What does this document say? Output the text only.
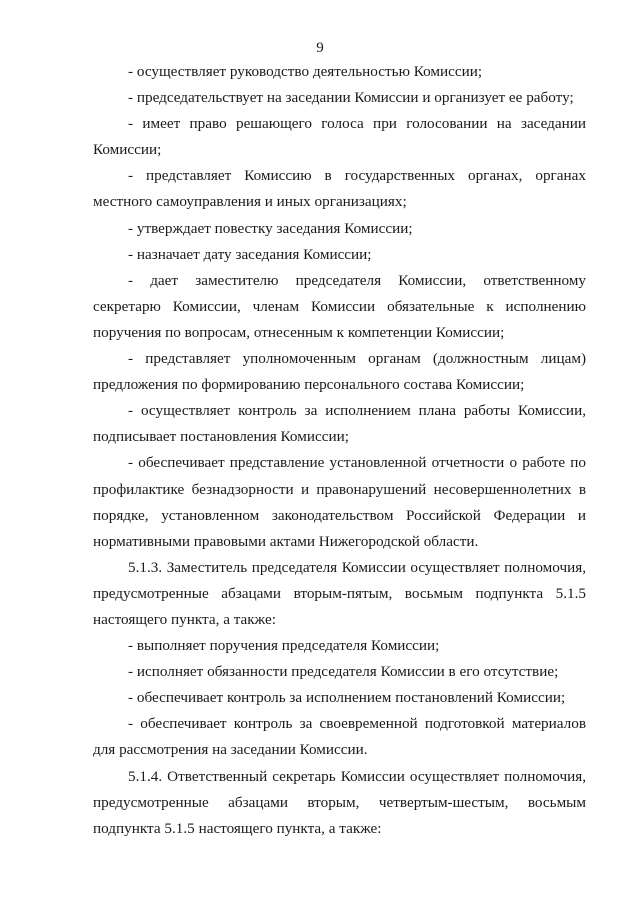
9

- осуществляет руководство деятельностью Комиссии;

- председательствует на заседании Комиссии и организует ее работу;

- имеет право решающего голоса при голосовании на заседании Комиссии;

- представляет Комиссию в государственных органах, органах местного самоуправления и иных организациях;

- утверждает повестку заседания Комиссии;

- назначает дату заседания Комиссии;

- дает заместителю председателя Комиссии, ответственному секретарю Комиссии, членам Комиссии обязательные к исполнению поручения по вопросам, отнесенным к компетенции Комиссии;

- представляет уполномоченным органам (должностным лицам) предложения по формированию персонального состава Комиссии;

- осуществляет контроль за исполнением плана работы Комиссии, подписывает постановления Комиссии;

- обеспечивает представление установленной отчетности о работе по профилактике безнадзорности и правонарушений несовершеннолетних в порядке, установленном законодательством Российской Федерации и нормативными правовыми актами Нижегородской области.

5.1.3. Заместитель председателя Комиссии осуществляет полномочия, предусмотренные абзацами вторым-пятым, восьмым подпункта 5.1.5 настоящего пункта, а также:

- выполняет поручения председателя Комиссии;

- исполняет обязанности председателя Комиссии в его отсутствие;

- обеспечивает контроль за исполнением постановлений Комиссии;

- обеспечивает контроль за своевременной подготовкой материалов для рассмотрения на заседании Комиссии.

5.1.4. Ответственный секретарь Комиссии осуществляет полномочия, предусмотренные абзацами вторым, четвертым-шестым, восьмым подпункта 5.1.5 настоящего пункта, а также:
